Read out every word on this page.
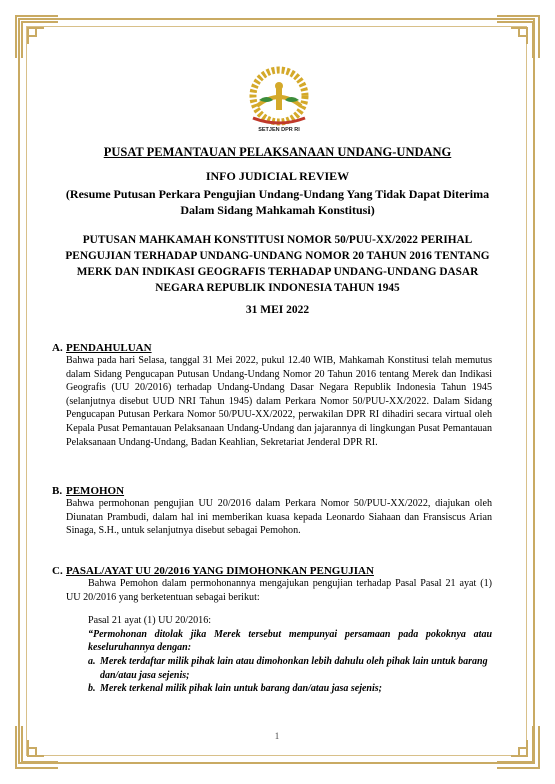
SETJEN DPR RI
PUSAT PEMANTAUAN PELAKSANAAN UNDANG-UNDANG
INFO JUDICIAL REVIEW
(Resume Putusan Perkara Pengujian Undang-Undang Yang Tidak Dapat Diterima Dalam Sidang Mahkamah Konstitusi)
PUTUSAN MAHKAMAH KONSTITUSI NOMOR 50/PUU-XX/2022 PERIHAL PENGUJIAN TERHADAP UNDANG-UNDANG NOMOR 20 TAHUN 2016 TENTANG MERK DAN INDIKASI GEOGRAFIS TERHADAP UNDANG-UNDANG DASAR NEGARA REPUBLIK INDONESIA TAHUN 1945
31 MEI 2022
A. PENDAHULUAN
Bahwa pada hari Selasa, tanggal 31 Mei 2022, pukul 12.40 WIB, Mahkamah Konstitusi telah memutus dalam Sidang Pengucapan Putusan Undang-Undang Nomor 20 Tahun 2016 tentang Merek dan Indikasi Geografis (UU 20/2016) terhadap Undang-Undang Dasar Negara Republik Indonesia Tahun 1945 (selanjutnya disebut UUD NRI Tahun 1945) dalam Perkara Nomor 50/PUU-XX/2022. Dalam Sidang Pengucapan Putusan Perkara Nomor 50/PUU-XX/2022, perwakilan DPR RI dihadiri secara virtual oleh Kepala Pusat Pemantauan Pelaksanaan Undang-Undang dan jajarannya di lingkungan Pusat Pemantauan Pelaksanaan Undang-Undang, Badan Keahlian, Sekretariat Jenderal DPR RI.
B. PEMOHON
Bahwa permohonan pengujian UU 20/2016 dalam Perkara Nomor 50/PUU-XX/2022, diajukan oleh Diunatan Prambudi, dalam hal ini memberikan kuasa kepada Leonardo Siahaan dan Fransiscus Arian Sinaga, S.H., untuk selanjutnya disebut sebagai Pemohon.
C. PASAL/AYAT UU 20/2016 YANG DIMOHONKAN PENGUJIAN
Bahwa Pemohon dalam permohonannya mengajukan pengujian terhadap Pasal Pasal 21 ayat (1) UU 20/2016 yang berketentuan sebagai berikut:
Pasal 21 ayat (1) UU 20/2016:
“Permohonan ditolak jika Merek tersebut mempunyai persamaan pada pokoknya atau keseluruhannya dengan:
a. Merek terdaftar milik pihak lain atau dimohonkan lebih dahulu oleh pihak lain untuk barang dan/atau jasa sejenis;
b. Merek terkenal milik pihak lain untuk barang dan/atau jasa sejenis;
1
